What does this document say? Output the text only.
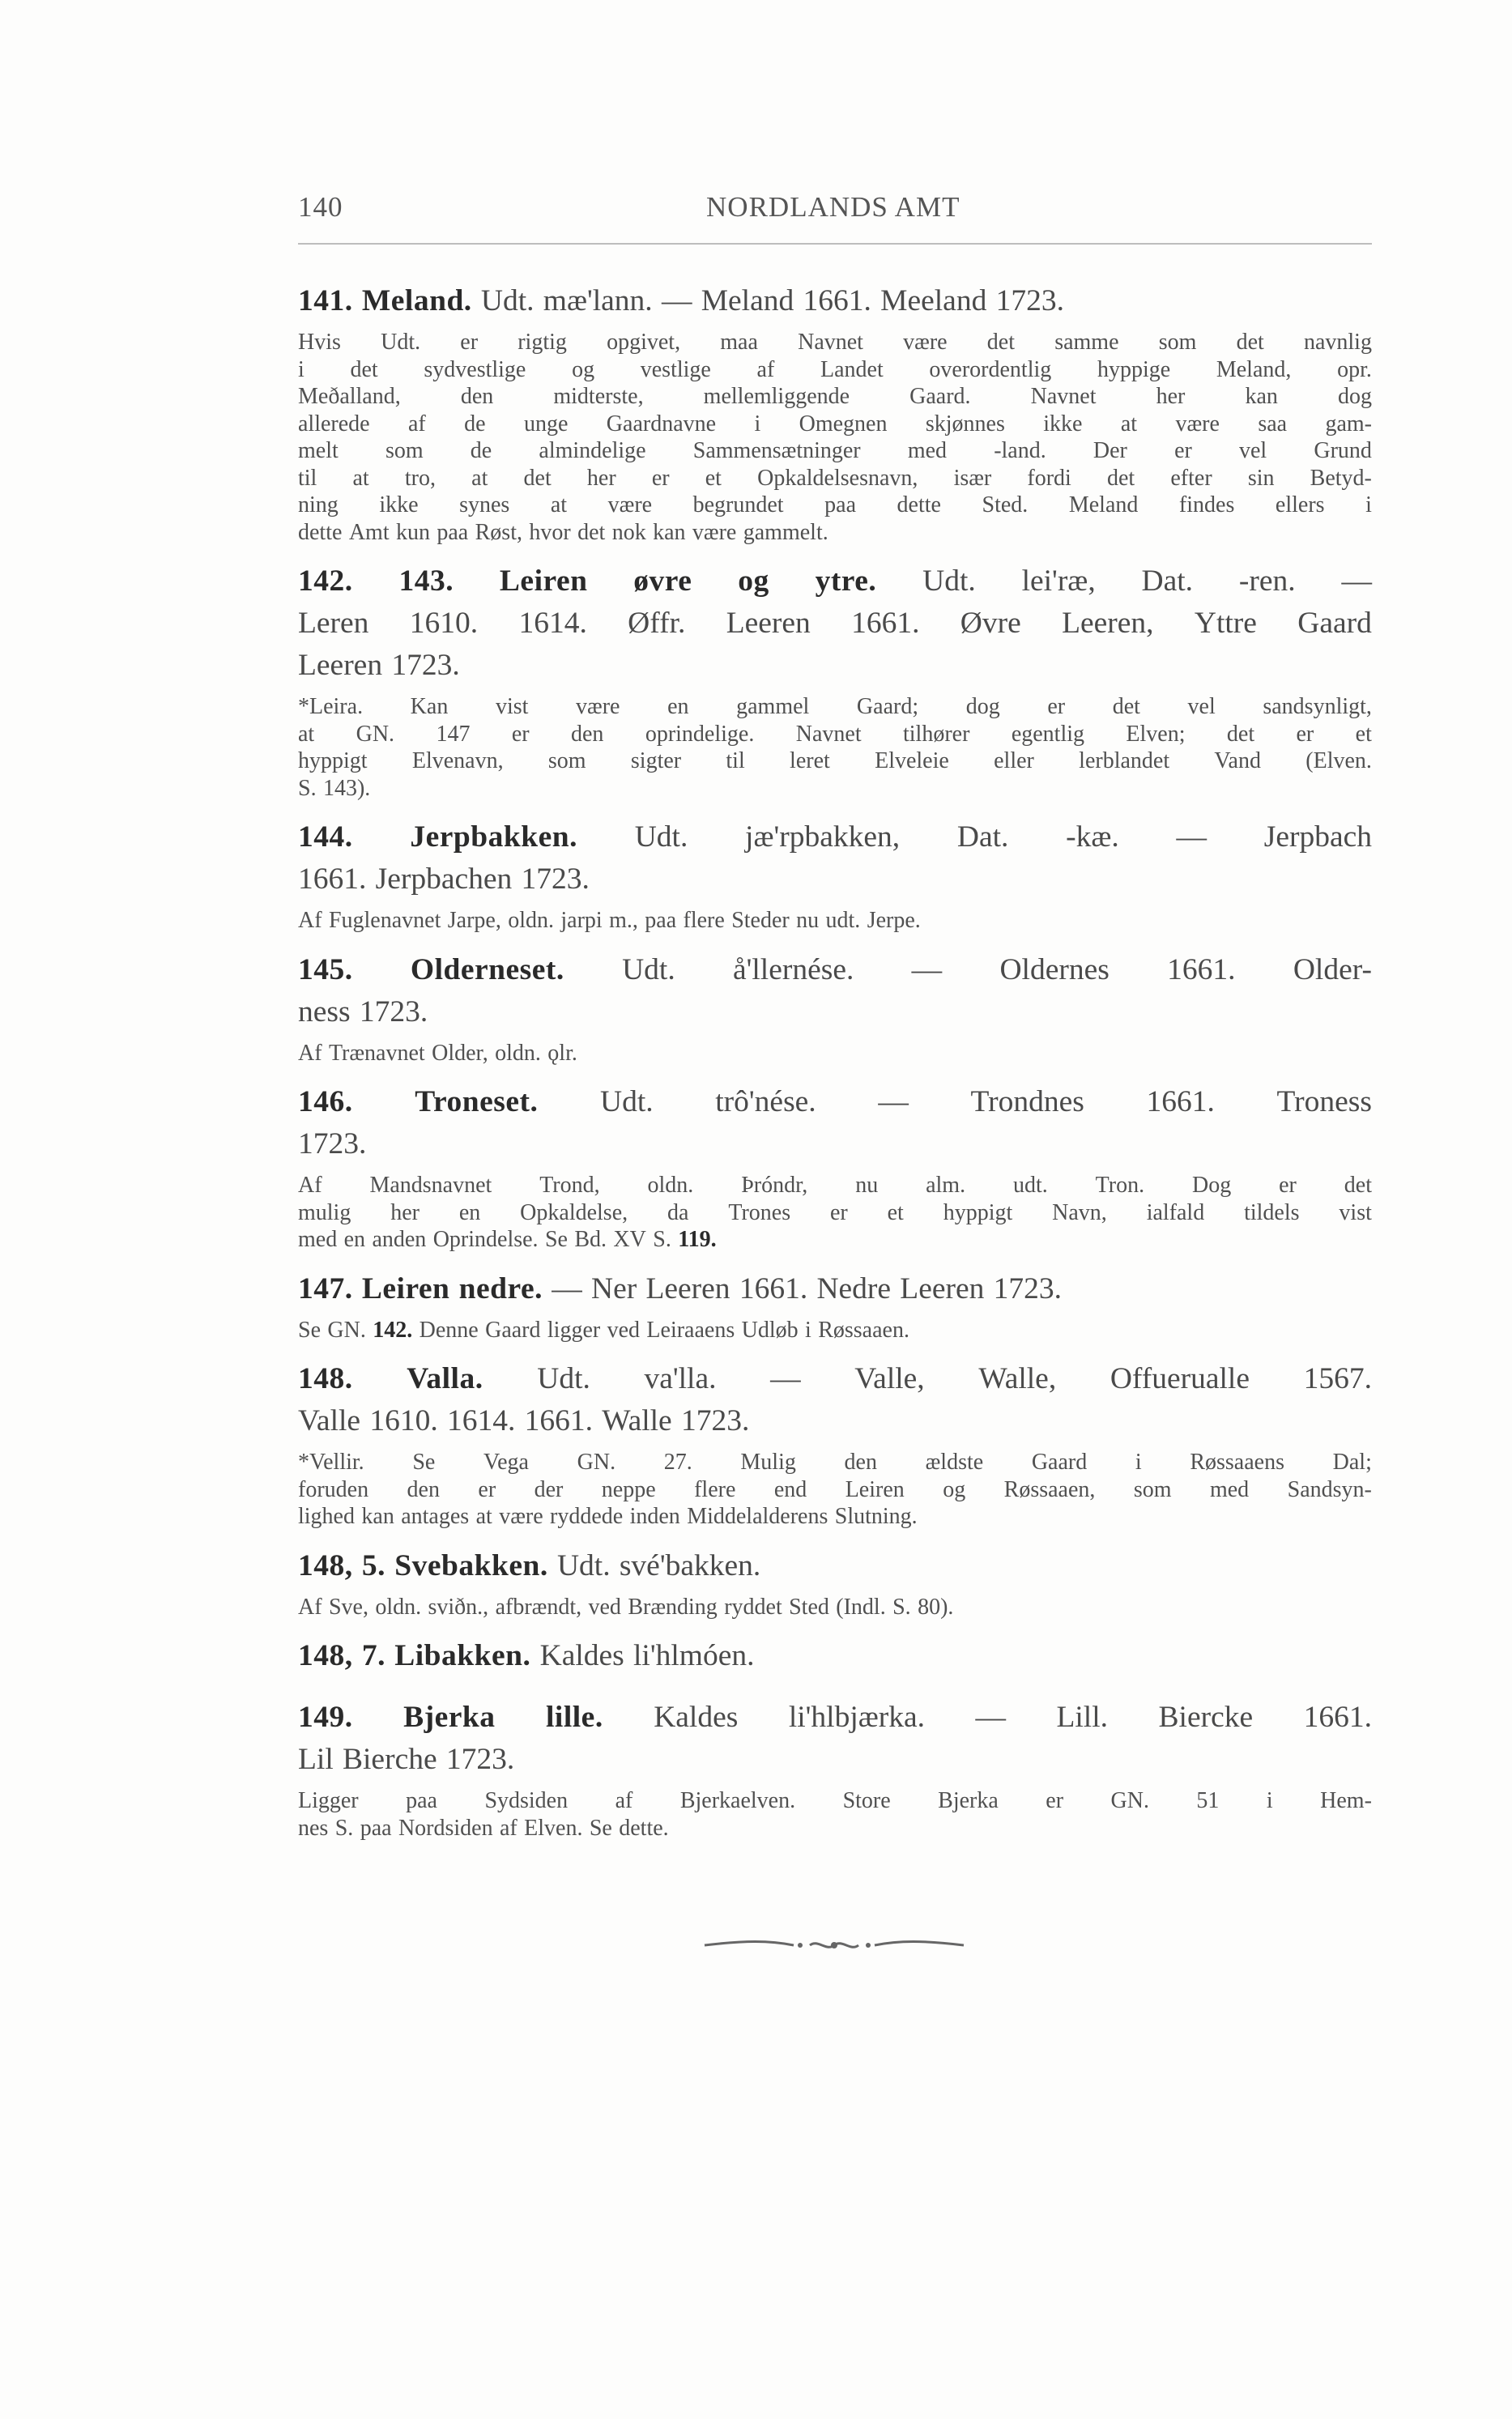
140	NORDLANDS AMT
141. Meland. Udt. mæ'lann. — Meland 1661. Meeland 1723.
Hvis Udt. er rigtig opgivet, maa Navnet være det samme som det navnlig
i det sydvestlige og vestlige af Landet overordentlig hyppige Meland, opr.
Meðalland,	den	midterste,	mellemliggende	Gaard.	Navnet	her	kan	dog
allerede af de unge Gaardnavne i Omegnen skjønnes ikke at være saa gam-
melt som de almindelige Sammensætninger med -land. Der er vel Grund
til at tro, at det her er et Opkaldelsesnavn, især fordi det efter sin Betyd-
ning ikke synes at være begrundet paa dette Sted. Meland findes ellers i
dette Amt kun paa Røst, hvor det nok kan være gammelt.
142. 143. Leiren øvre og ytre. Udt. lei'ræ, Dat. -ren. —
Leren 1610. 1614. Øffr. Leeren 1661. Øvre Leeren, Yttre Gaard
Leeren 1723.
*Leira. Kan vist være en gammel Gaard; dog er det vel sandsynligt,
at GN. 147 er den oprindelige. Navnet tilhører egentlig Elven; det er et
hyppigt Elvenavn, som sigter til leret Elveleie eller lerblandet Vand (Elven.
S. 143).
144. Jerpbakken. Udt. jæ'rpbakken, Dat. -kæ. — Jerpbach
1661. Jerpbachen 1723.
Af Fuglenavnet Jarpe, oldn. jarpi m., paa flere Steder nu udt. Jerpe.
145. Olderneset. Udt. å'llernése. — Oldernes 1661. Older-
ness 1723.
Af Trænavnet Older, oldn. ǫlr.
146. Troneset. Udt. trô'nése. — Trondnes 1661. Troness
1723.
Af Mandsnavnet Trond, oldn. Þróndr, nu alm. udt. Tron. Dog er det
mulig her en Opkaldelse, da Trones er et hyppigt Navn, ialfald tildels vist
med en anden Oprindelse. Se Bd. XV S. 119.
147. Leiren nedre. — Ner Leeren 1661. Nedre Leeren 1723.
Se GN. 142. Denne Gaard ligger ved Leiraaens Udløb i Røssaaen.
148. Valla. Udt. va'lla. — Valle, Walle, Offuerualle 1567.
Valle 1610. 1614. 1661. Walle 1723.
*Vellir. Se Vega GN. 27. Mulig den ældste Gaard i Røssaaens Dal;
foruden den er der neppe flere end Leiren og Røssaaen, som med Sandsyn-
lighed kan antages at være ryddede inden Middelalderens Slutning.
148, 5. Svebakken. Udt. své'bakken.
Af Sve, oldn. sviðn., afbrændt, ved Brænding ryddet Sted (Indl. S. 80).
148, 7. Libakken. Kaldes li'hlmóen.
149. Bjerka lille. Kaldes li'hlbjærka. — Lill. Biercke 1661.
Lil Bierche 1723.
Ligger paa Sydsiden af Bjerkaelven. Store Bjerka er GN. 51 i Hem-
nes S. paa Nordsiden af Elven. Se dette.
